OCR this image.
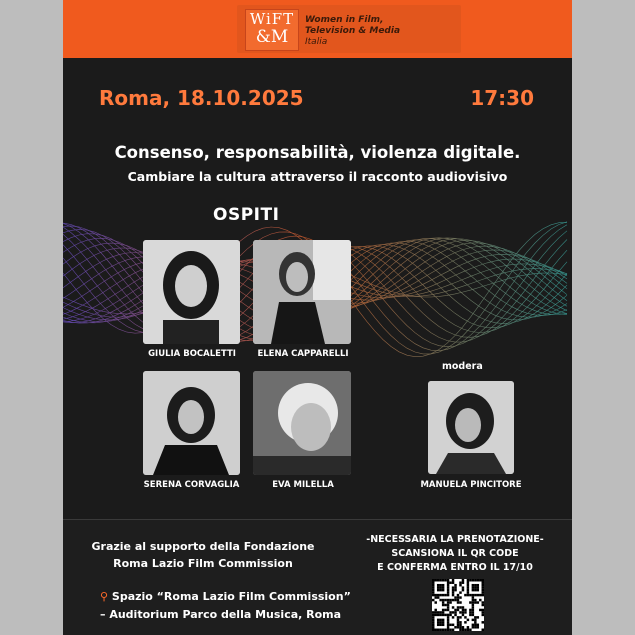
WiFT
&M
Women in Film,
Television & Media
Italia
Roma, 18.10.2025	17:30
Consenso, responsabilità, violenza digitale.
Cambiare la cultura attraverso il racconto audiovisivo
OSPITI
GIULIA BOCALETTI	ELENA CAPPARELLI
SERENA CORVAGLIA	EVA MILELLA
modera
MANUELA PINCITORE
Grazie al supporto della Fondazione
Roma Lazio Film Commission
⚲ Spazio “Roma Lazio Film Commission”
– Auditorium Parco della Musica, Roma
-NECESSARIA LA PRENOTAZIONE-
SCANSIONA IL QR CODE
E CONFERMA ENTRO IL 17/10
